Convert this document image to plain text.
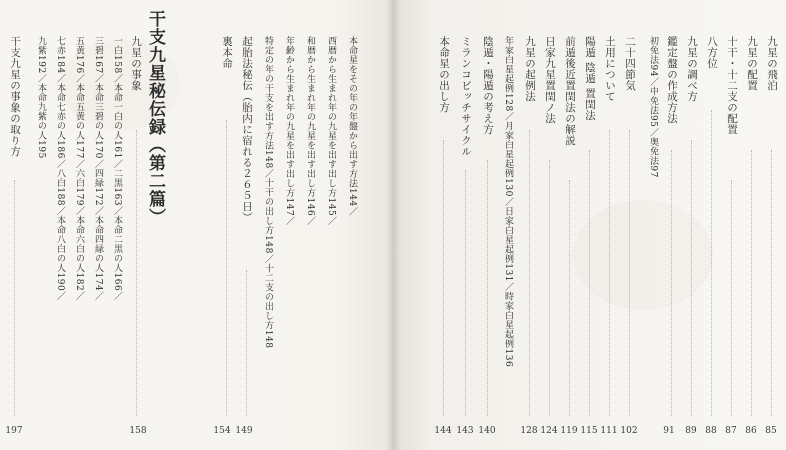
干支九星秘伝録（第二篇）
九星の事象
158
一白158／本命一白の人161／二黒163／本命二黒の人166／
三碧167／本命三碧の人170／四緑172／本命四緑の人174／
五黄176／本命五黄の人177／六白179／本命六白の人182／
七赤184／本命七赤の人186／八白188／本命八白の人190／
九紫192／本命九紫の人195
干支九星の事象の取り方
197
本命星をその年の年盤から出す方法144／
西暦から生まれ年の九星を出す出し方145／
和暦から生まれ年の九星を出す出し方146／
年齢から生まれ年の九星を出す出し方147／
特定の年の干支を出す方法148／十干の出し方148／十二支の出し方148
起胎法秘伝（胎内に宿れる２６５日）
149
裏本命
154
九星の飛泊
85
九星の配置
86
十干・十二支の配置
87
八方位
88
九星の調べ方
89
鑑定盤の作成方法
91
初免法94／中免法95／奥免法97
二十四節気
102
土用について
111
陽遁 陰遁 置閏法
115
前遁後近置閏法の解説
119
日家九星置閏ノ法
124
九星の起例法
128
年家白星起例128／月家白星起例130／日家白星起例131／時家白星起例136
陰遁・陽遁の考え方
140
ミランコビッチサイクル
143
本命星の出し方
144
